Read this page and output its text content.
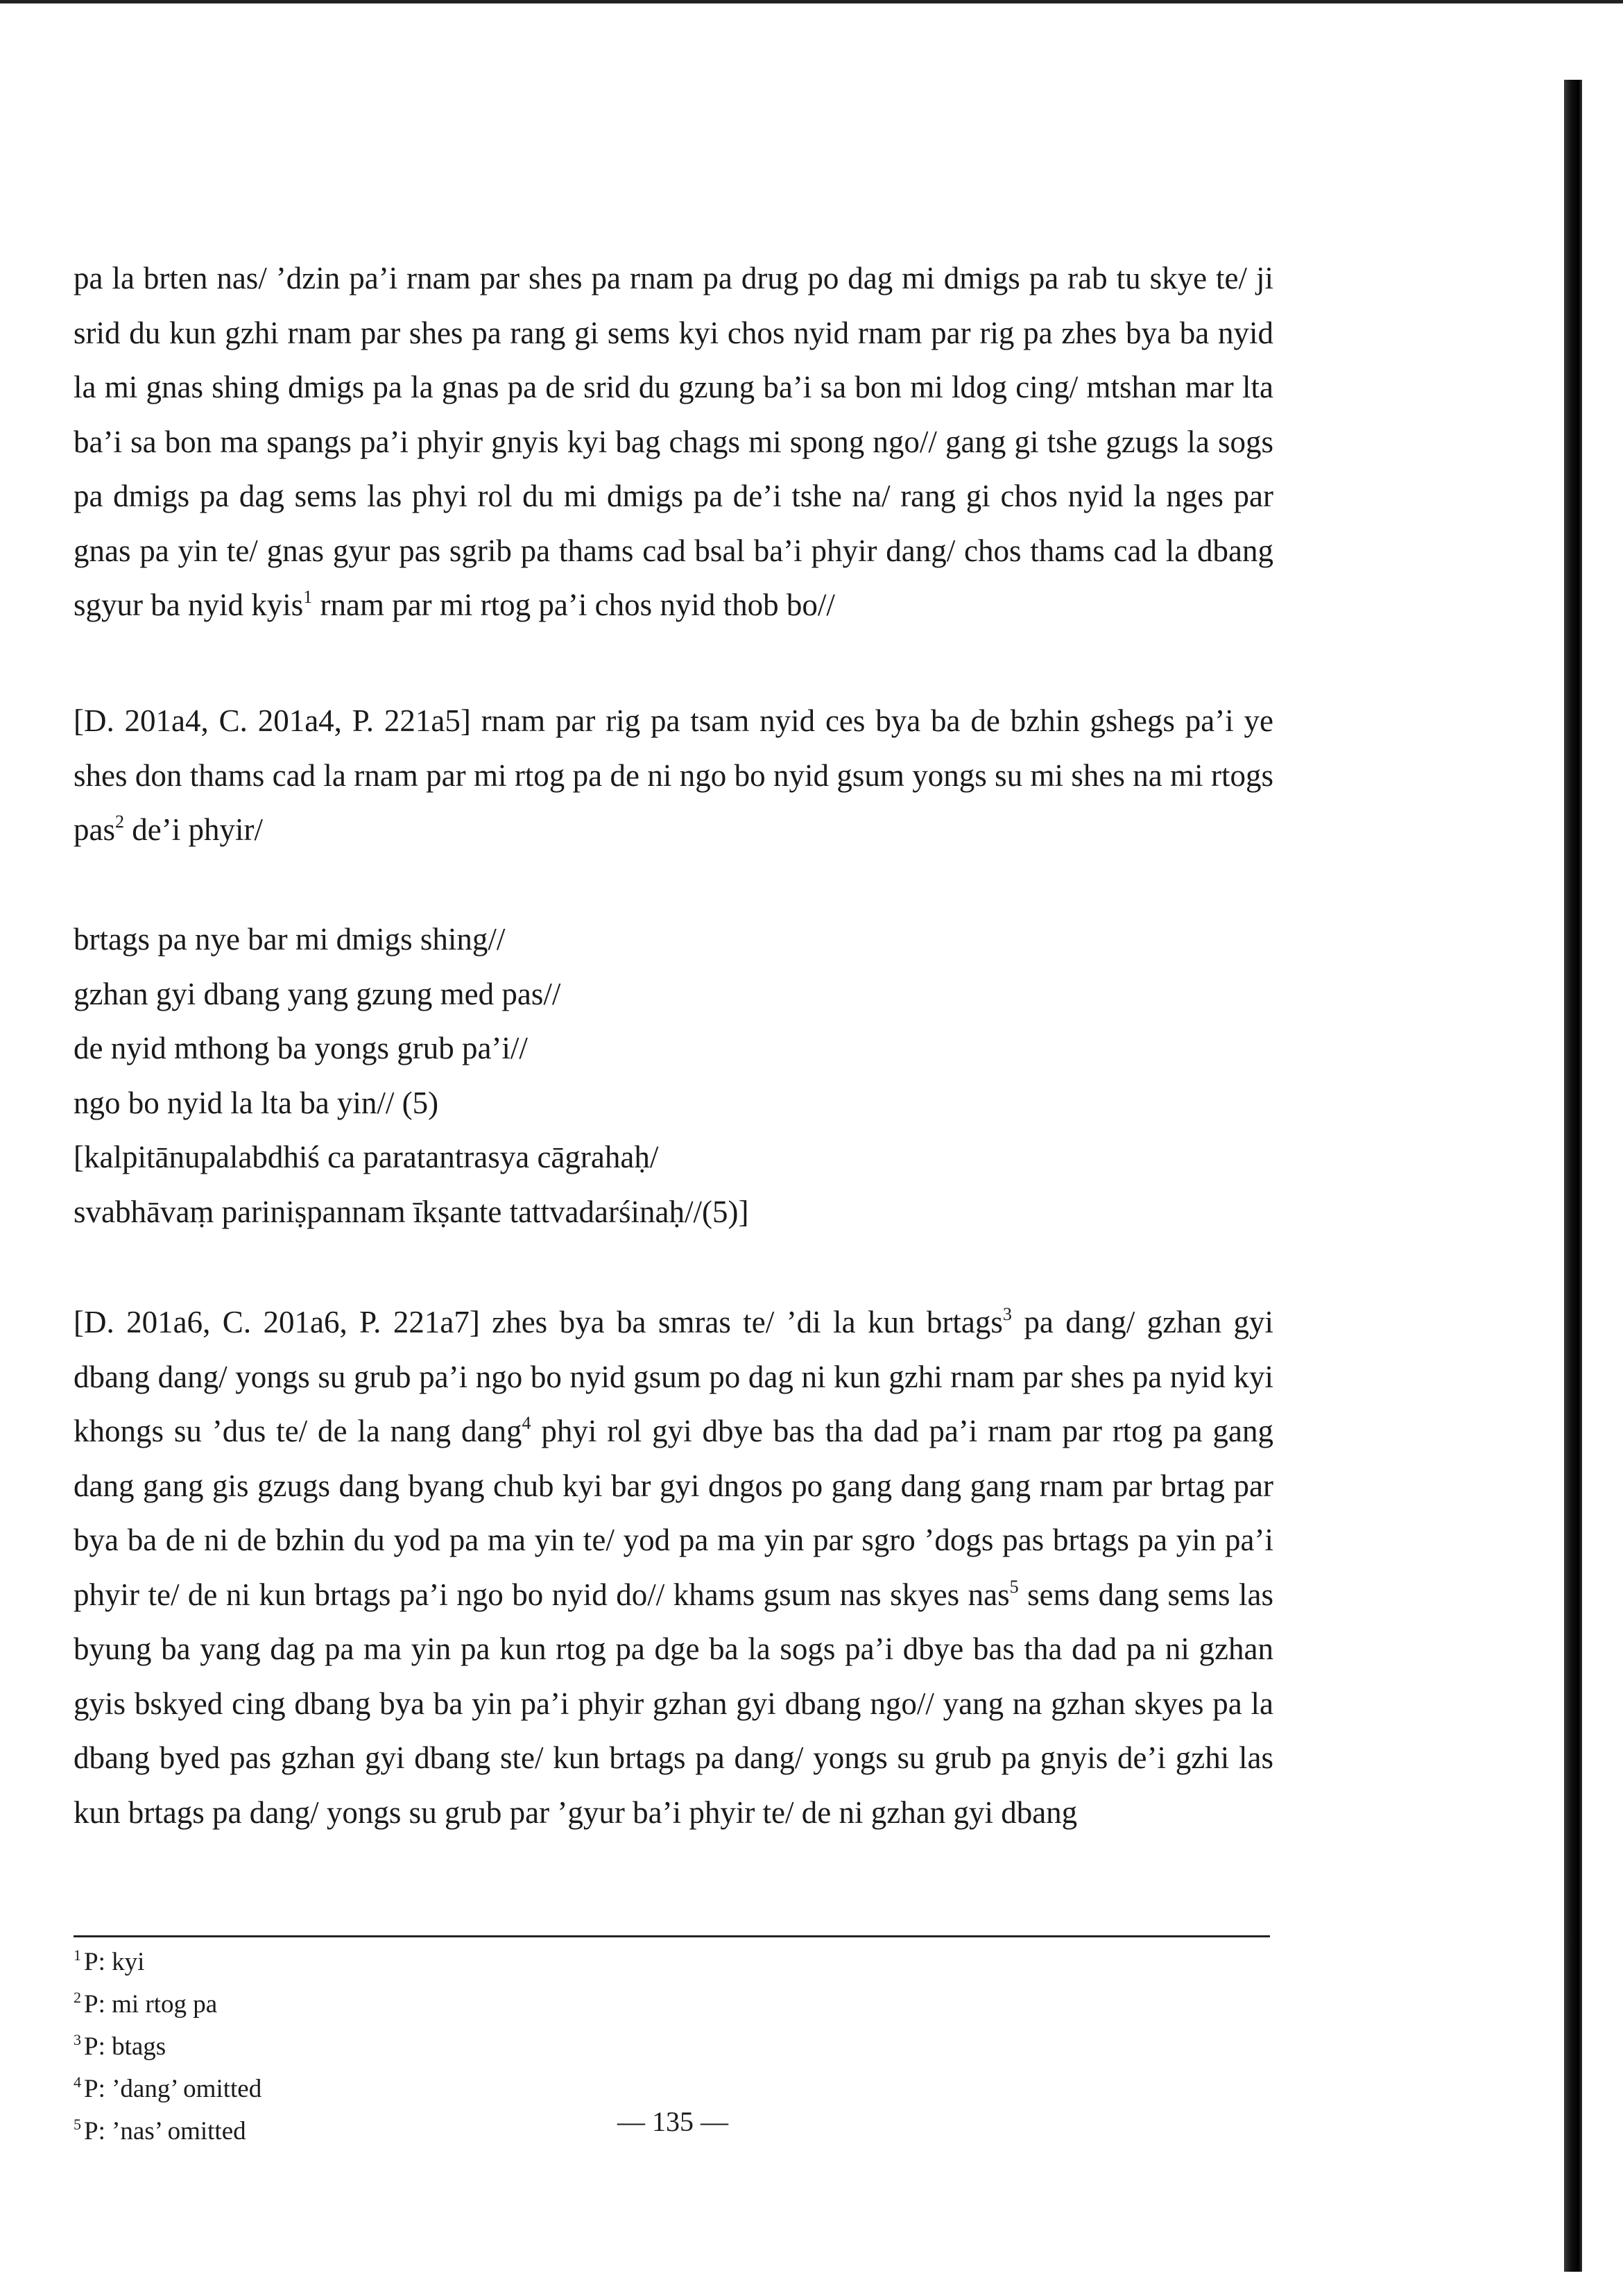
pa la brten nas/ ’dzin pa’i rnam par shes pa rnam pa drug po dag mi dmigs pa rab tu skye te/ ji srid du kun gzhi rnam par shes pa rang gi sems kyi chos nyid rnam par rig pa zhes bya ba nyid la mi gnas shing dmigs pa la gnas pa de srid du gzung ba’i sa bon mi ldog cing/ mtshan mar lta ba’i sa bon ma spangs pa’i phyir gnyis kyi bag chags mi spong ngo// gang gi tshe gzugs la sogs pa dmigs pa dag sems las phyi rol du mi dmigs pa de’i tshe na/ rang gi chos nyid la nges par gnas pa yin te/ gnas gyur pas sgrib pa thams cad bsal ba’i phyir dang/ chos thams cad la dbang sgyur ba nyid kyis$^1$ rnam par mi rtog pa’i chos nyid thob bo//

[D. 201a4, C. 201a4, P. 221a5] rnam par rig pa tsam nyid ces bya ba de bzhin gshegs pa’i ye shes don thams cad la rnam par mi rtog pa de ni ngo bo nyid gsum yongs su mi shes na mi rtogs pas$^2$ de’i phyir/

brtags pa nye bar mi dmigs shing//
gzhan gyi dbang yang gzung med pas//
de nyid mthong ba yongs grub pa’i//
ngo bo nyid la lta ba yin// (5)
[kalpitānupalabdhiś ca paratantrasya cāgrahaḥ/
svabhāvaṃ pariniṣpannam īkṣante tattvadarśinaḥ//(5)]

[D. 201a6, C. 201a6, P. 221a7] zhes bya ba smras te/ ’di la kun brtags$^3$ pa dang/ gzhan gyi dbang dang/ yongs su grub pa’i ngo bo nyid gsum po dag ni kun gzhi rnam par shes pa nyid kyi khongs su ’dus te/ de la nang dang$^4$ phyi rol gyi dbye bas tha dad pa’i rnam par rtog pa gang dang gang gis gzugs dang byang chub kyi bar gyi dngos po gang dang gang rnam par brtag par bya ba de ni de bzhin du yod pa ma yin te/ yod pa ma yin par sgro ’dogs pas brtags pa yin pa’i phyir te/ de ni kun brtags pa’i ngo bo nyid do// khams gsum nas skyes nas$^5$ sems dang sems las byung ba yang dag pa ma yin pa kun rtog pa dge ba la sogs pa’i dbye bas tha dad pa ni gzhan gyis bskyed cing dbang bya ba yin pa’i phyir gzhan gyi dbang ngo// yang na gzhan skyes pa la dbang byed pas gzhan gyi dbang ste/ kun brtags pa dang/ yongs su grub pa gnyis de’i gzhi las kun brtags pa dang/ yongs su grub par ’gyur ba’i phyir te/ de ni gzhan gyi dbang

$^1$ P: kyi
$^2$ P: mi rtog pa
$^3$ P: btags
$^4$ P: ’dang’ omitted
$^5$ P: ’nas’ omitted	— 135 —
